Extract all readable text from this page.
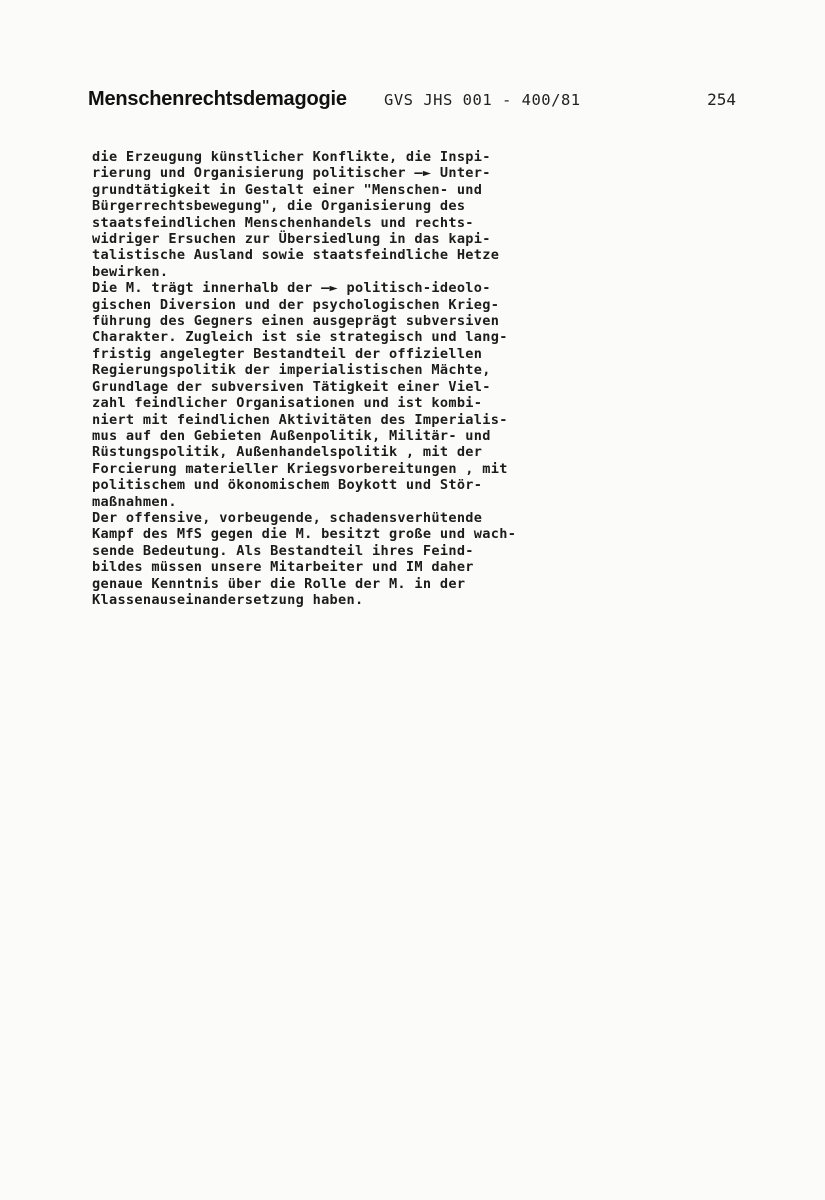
Menschenrechtsdemagogie GVS JHS 001 - 400/81	254
die Erzeugung künstlicher Konflikte, die Inspi-
rierung und Organisierung politischer —► Unter-
grundtätigkeit in Gestalt einer "Menschen- und
Bürgerrechtsbewegung", die Organisierung des
staatsfeindlichen Menschenhandels und rechts-
widriger Ersuchen zur Übersiedlung in das kapi-
talistische Ausland sowie staatsfeindliche Hetze
bewirken.
Die M. trägt innerhalb der —► politisch-ideolo-
gischen Diversion und der psychologischen Krieg-
führung des Gegners einen ausgeprägt subversiven
Charakter. Zugleich ist sie strategisch und lang-
fristig angelegter Bestandteil der offiziellen
Regierungspolitik der imperialistischen Mächte,
Grundlage der subversiven Tätigkeit einer Viel-
zahl feindlicher Organisationen und ist kombi-
niert mit feindlichen Aktivitäten des Imperialis-
mus auf den Gebieten Außenpolitik, Militär- und
Rüstungspolitik, Außenhandelspolitik , mit der
Forcierung materieller Kriegsvorbereitungen , mit
politischem und ökonomischem Boykott und Stör-
maßnahmen.
Der offensive, vorbeugende, schadensverhütende
Kampf des MfS gegen die M. besitzt große und wach-
sende Bedeutung. Als Bestandteil ihres Feind-
bildes müssen unsere Mitarbeiter und IM daher
genaue Kenntnis über die Rolle der M. in der
Klassenauseinandersetzung haben.
